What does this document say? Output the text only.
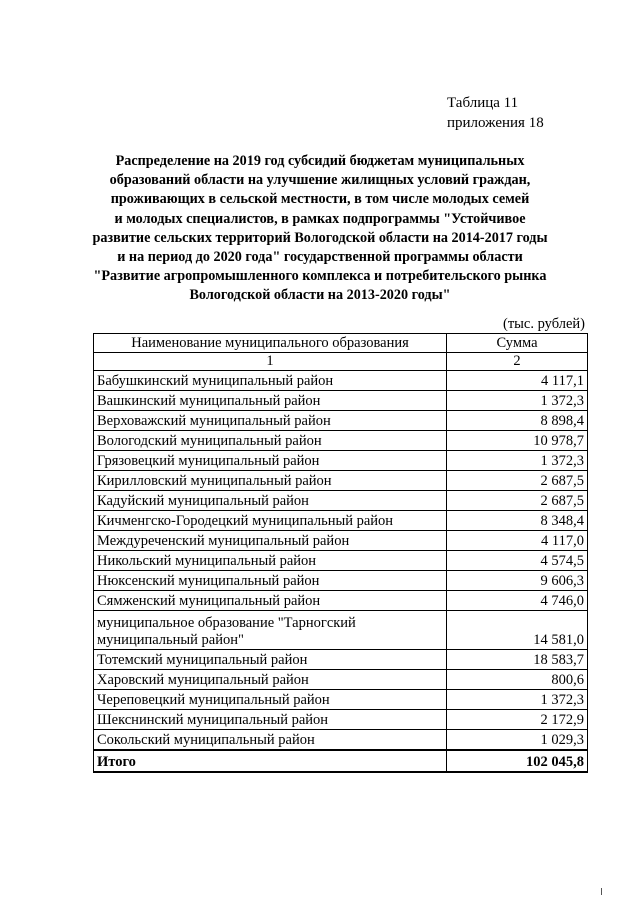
Таблица 11
приложения 18
Распределение на 2019 год субсидий бюджетам муниципальных
образований области на улучшение жилищных условий граждан,
проживающих в сельской местности, в том числе молодых семей
и молодых специалистов, в рамках подпрограммы "Устойчивое
развитие сельских территорий Вологодской области на 2014-2017 годы
и на период до 2020 года" государственной программы области
"Развитие агропромышленного комплекса и потребительского рынка
Вологодской области на 2013-2020 годы"
(тыс. рублей)
Наименование муниципального образования	Сумма
1	2
Бабушкинский муниципальный район	4 117,1
Вашкинский муниципальный район	1 372,3
Верховажский муниципальный район	8 898,4
Вологодский муниципальный район	10 978,7
Грязовецкий муниципальный район	1 372,3
Кирилловский муниципальный район	2 687,5
Кадуйский муниципальный район	2 687,5
Кичменгско-Городецкий муниципальный район	8 348,4
Междуреченский муниципальный район	4 117,0
Никольский муниципальный район	4 574,5
Нюксенский муниципальный район	9 606,3
Сямженский муниципальный район	4 746,0

муниципальное образование "Тарногский
муниципальный район"	14 581,0
Тотемский муниципальный район	18 583,7
Харовский муниципальный район	800,6
Череповецкий муниципальный район	1 372,3
Шекснинский муниципальный район	2 172,9
Сокольский муниципальный район	1 029,3
Итого	102 045,8
